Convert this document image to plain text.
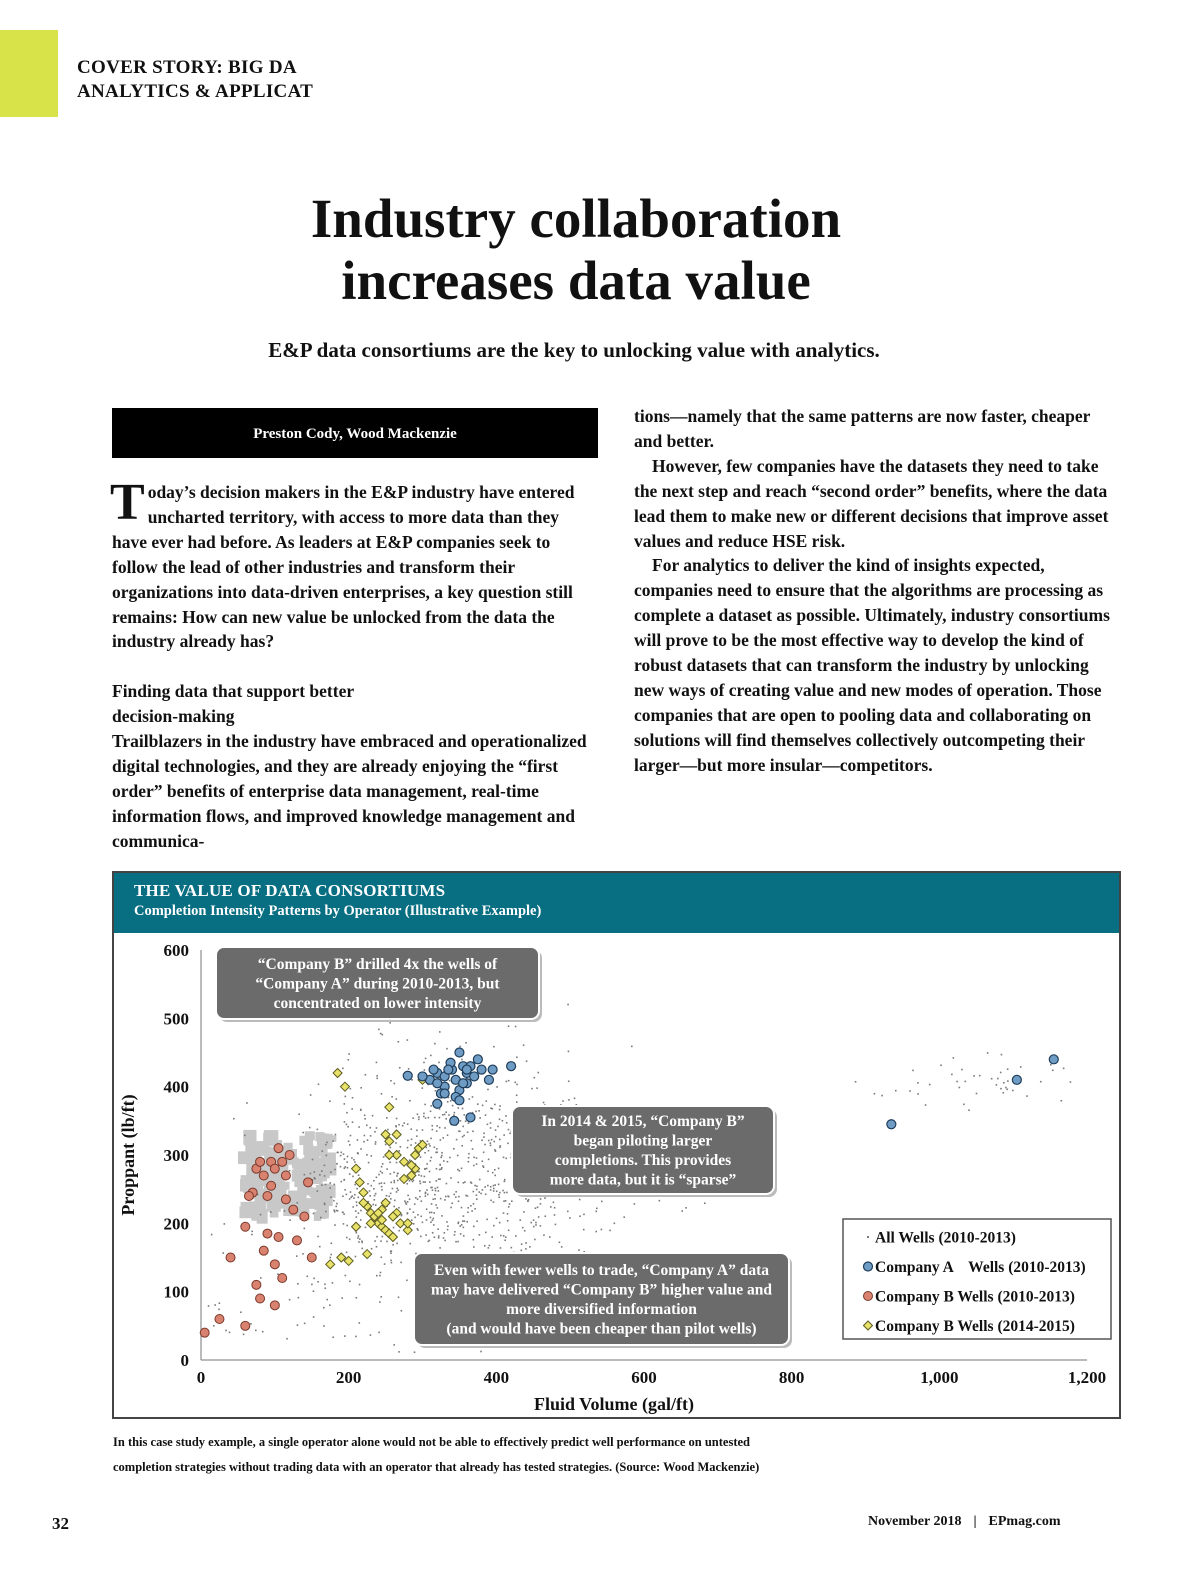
COVER STORY: BIG DA
ANALYTICS & APPLICAT
Industry collaboration
increases data value
E&P data consortiums are the key to unlocking value with analytics.
Preston Cody, Wood Mackenzie

Today’s decision makers in the E&P industry have entered uncharted territory, with access to more data than they have ever had before. As leaders at E&P companies seek to follow the lead of other industries and transform their organizations into data-driven enterprises, a key question still remains: How can new value be unlocked from the data the industry already has?

Finding data that support better
decision-making

Trailblazers in the industry have embraced and operationalized digital technologies, and they are already enjoying the “first order” benefits of enterprise data management, real-time information flows, and improved knowledge management and communica-

tions—namely that the same patterns are now faster, cheaper and better.

However, few companies have the datasets they need to take the next step and reach “second order” benefits, where the data lead them to make new or different decisions that improve asset values and reduce HSE risk.

For analytics to deliver the kind of insights expected, companies need to ensure that the algorithms are processing as complete a dataset as possible. Ultimately, industry consortiums will prove to be the most effective way to develop the kind of robust datasets that can transform the industry by unlocking new ways of creating value and new modes of operation. Those companies that are open to pooling data and collaborating on solutions will find themselves collectively outcompeting their larger—but more insular—competitors.

THE VALUE OF DATA CONSORTIUMS
Completion Intensity Patterns by Operator (Illustrative Example)
0
100
200
300
400
500
600
0	200	400	600	800	1,000	1,200
Fluid Volume (gal/ft)
Proppant (lb/ft)
“Company B” drilled 4x the wells of
“Company A” during 2010-2013, but
concentrated on lower intensity
In 2014 & 2015, “Company B”
began piloting larger
completions. This provides
more data, but it is “sparse”
Even with fewer wells to trade, “Company A” data
may have delivered “Company B” higher value and
more diversified information
(and would have been cheaper than pilot wells)
All Wells (2010-2013)
Company A    Wells (2010-2013)
Company B Wells (2010-2013)
Company B Wells (2014-2015)
In this case study example, a single operator alone would not be able to effectively predict well performance on untested
completion strategies without trading data with an operator that already has tested strategies. (Source: Wood Mackenzie)
32	November 2018 | EPmag.com
